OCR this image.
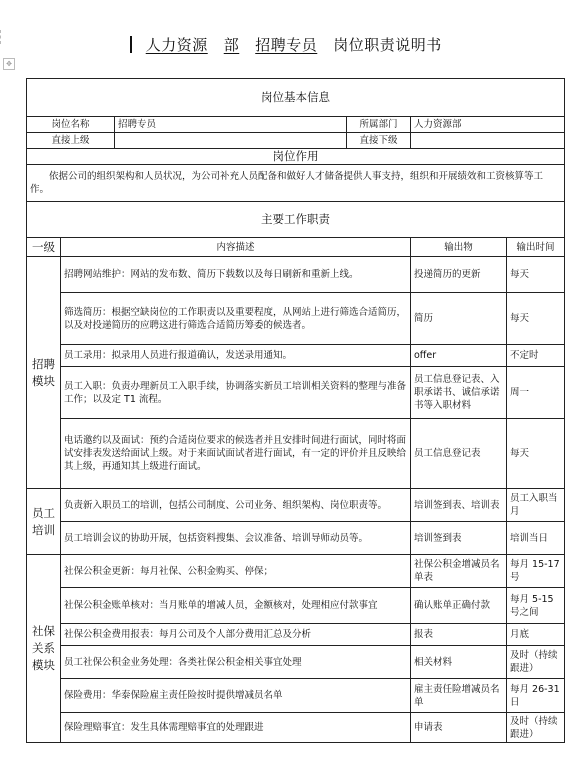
✥
人力资源 部 招聘专员 岗位职责说明书
岗位基本信息					
岗位名称		招聘专员	所属部门	人力资源部	
直接上级			直接下级		
岗位作用					
依据公司的组织架构和人员状况，为公司补充人员配备和做好人才储备提供人事支持，组织和开展绩效和工资核算等工作。					
主要工作职责					
一级	内容描述			输出物	输出时间
招聘模块	招聘网站维护：网站的发布数、简历下载数以及每日刷新和重新上线。			投递简历的更新	每天
	筛选简历：根据空缺岗位的工作职责以及重要程度，从网站上进行筛选合适简历，以及对投递简历的应聘这进行筛选合适简历筹委的候选者。			简历	每天
	员工录用：拟录用人员进行报道确认，发送录用通知。			offer	不定时
	员工入职：负责办理新员工入职手续，协调落实新员工培训相关资料的整理与准备工作；以及定 T1 流程。			员工信息登记表、入职承诺书、诚信承诺书等入职材料	周一
	电话邀约以及面试：预约合适岗位要求的候选者并且安排时间进行面试，同时将面试安排表发送给面试上级。对于来面试面试者进行面试，有一定的评价并且反映给其上级，再通知其上级进行面试。			员工信息登记表	每天
员工培训	负责新入职员工的培训，包括公司制度、公司业务、组织架构、岗位职责等。			培训签到表、培训表	员工入职当月
	员工培训会议的协助开展，包括资料搜集、会议准备、培训导师动员等。			培训签到表	培训当日
社保关系模块	社保公积金更新：每月社保、公积金购买、停保；			社保公积金增减员名单表	每月 15-17 号
	社保公积金账单核对：当月账单的增减人员，金额核对，处理相应付款事宜			确认账单正确付款	每月 5-15 号之间
	社保公积金费用报表：每月公司及个人部分费用汇总及分析			报表	月底
	员工社保公积金业务处理：各类社保公积金相关事宜处理			相关材料	及时（持续跟进）
	保险费用：华泰保险雇主责任险按时提供增减员名单			雇主责任险增减员名单	每月 26-31 日
	保险理赔事宜：发生具体需理赔事宜的处理跟进			申请表	及时（持续跟进）
